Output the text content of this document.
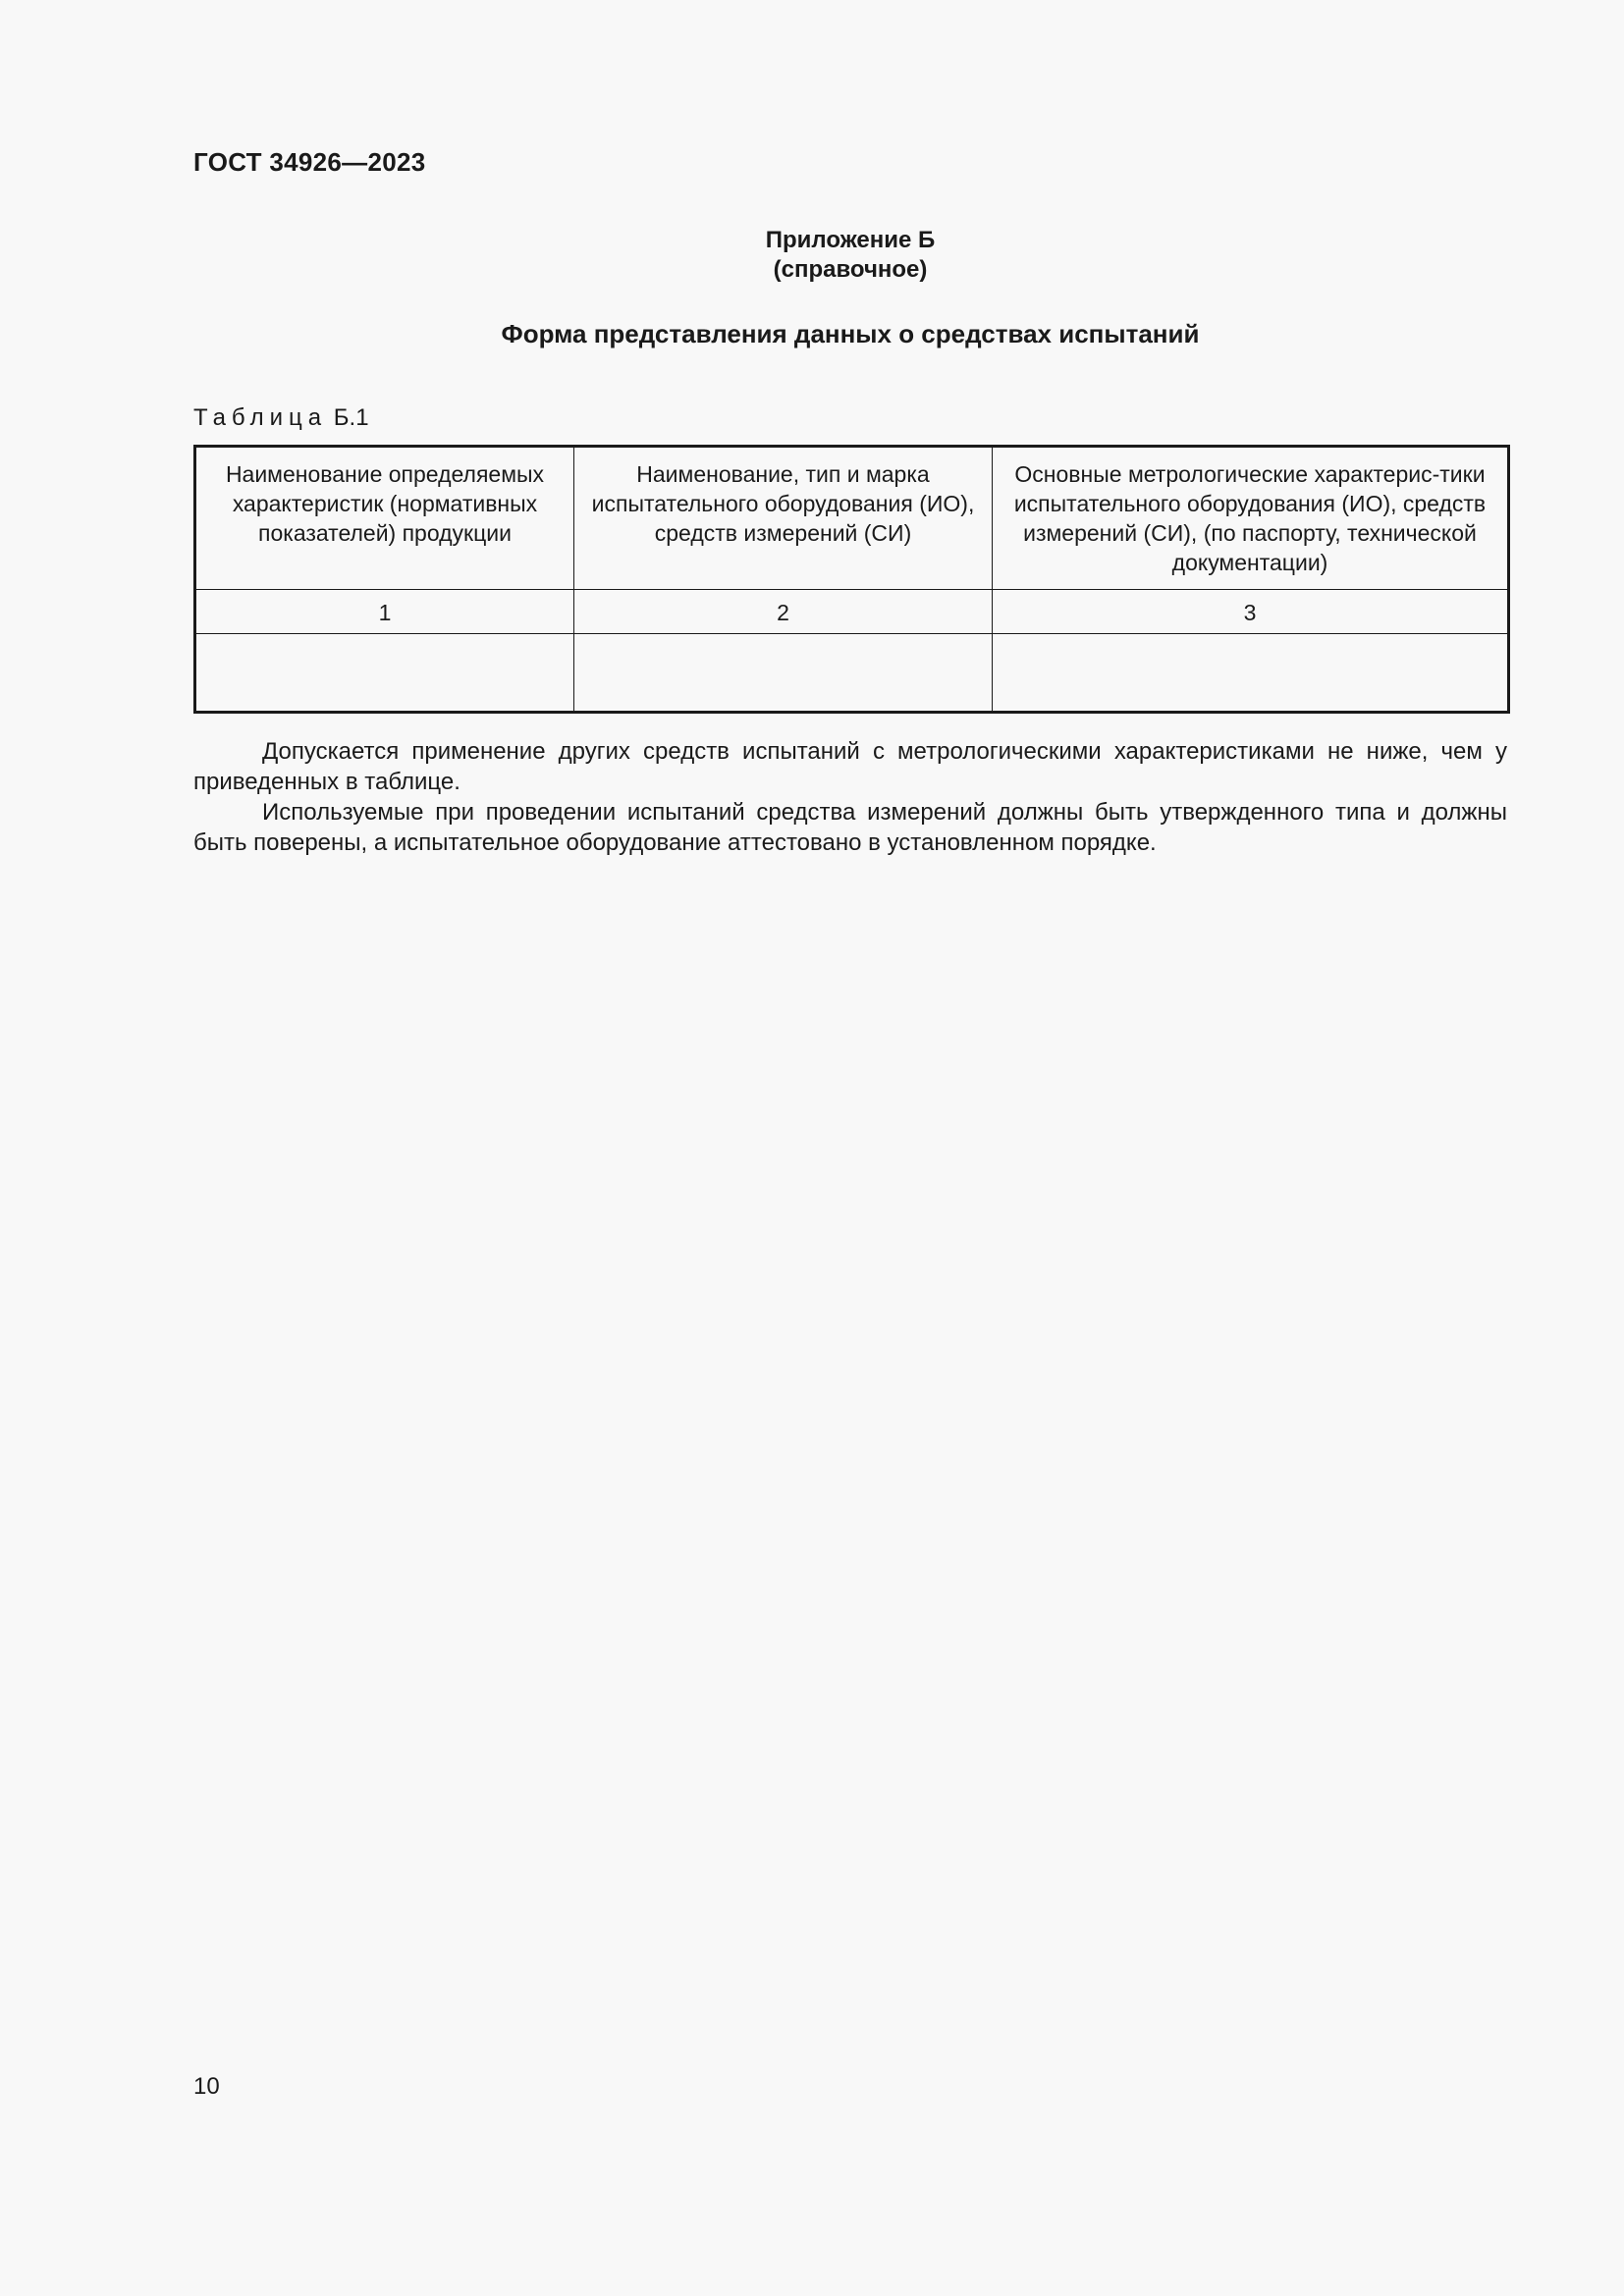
ГОСТ 34926—2023
Приложение Б
(справочное)
Форма представления данных о средствах испытаний
Таблица Б.1
Наименование определяемых характеристик (нормативных показателей) продукции	Наименование, тип и марка испытательного оборудования (ИО), средств измерений (СИ)	Основные метрологические характерис-тики испытательного оборудования (ИО), средств измерений (СИ), (по паспорту, технической документации)
1	2	3

Допускается применение других средств испытаний с метрологическими характеристиками не ниже, чем у приведенных в таблице.

Используемые при проведении испытаний средства измерений должны быть утвержденного типа и должны быть поверены, а испытательное оборудование аттестовано в установленном порядке.

10
